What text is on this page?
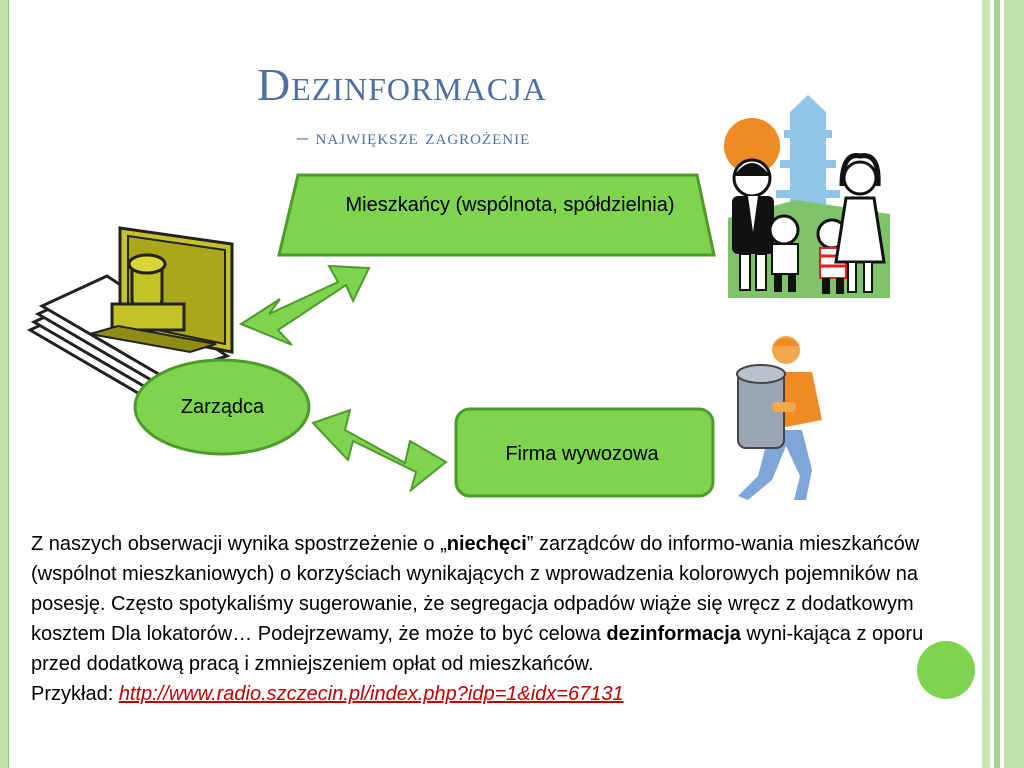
Dezinformacja
– największe zagrożenie
Mieszkańcy (wspólnota, spółdzielnia)
Zarządca
Firma wywozowa

Z naszych obserwacji wynika spostrzeżenie o „niechęci” zarządców do informo-wania mieszkańców (wspólnot mieszkaniowych) o korzyściach wynikających z wprowadzenia kolorowych pojemników na posesję. Często spotykaliśmy sugerowanie, że segregacja odpadów wiąże się wręcz z dodatkowym kosztem Dla lokatorów… Podejrzewamy, że może to być celowa dezinformacja wyni-kająca z oporu przed dodatkową pracą i zmniejszeniem opłat od mieszkańców.

Przykład: http://www.radio.szczecin.pl/index.php?idp=1&idx=67131
